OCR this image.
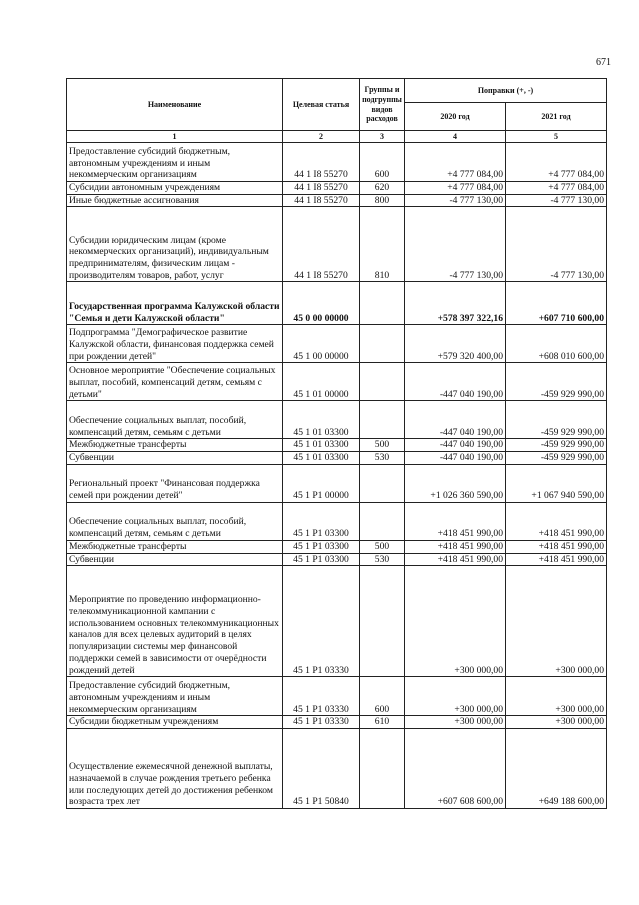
671
Наименование	Целевая статья	Группы и подгруппы видов расходов	Поправки (+, -)	
			2020 год	2021 год
1	2	3	4	5
Предоставление субсидий бюджетным, автономным учреждениям и иным некоммерческим организациям	44 1 I8 55270	600	+4 777 084,00	+4 777 084,00
Субсидии автономным учреждениям	44 1 I8 55270	620	+4 777 084,00	+4 777 084,00
Иные бюджетные ассигнования	44 1 I8 55270	800	-4 777 130,00	-4 777 130,00
Субсидии юридическим лицам (кроме некоммерческих организаций), индивидуальным предпринимателям, физическим лицам - производителям товаров, работ, услуг	44 1 I8 55270	810	-4 777 130,00	-4 777 130,00
Государственная программа Калужской области "Семья и дети Калужской области"	45 0 00 00000		+578 397 322,16	+607 710 600,00
Подпрограмма "Демографическое развитие Калужской области, финансовая поддержка семей при рождении детей"	45 1 00 00000		+579 320 400,00	+608 010 600,00
Основное мероприятие "Обеспечение социальных выплат, пособий, компенсаций детям, семьям с детьми"	45 1 01 00000		-447 040 190,00	-459 929 990,00
Обеспечение социальных выплат, пособий, компенсаций детям, семьям с детьми	45 1 01 03300		-447 040 190,00	-459 929 990,00
Межбюджетные трансферты	45 1 01 03300	500	-447 040 190,00	-459 929 990,00
Субвенции	45 1 01 03300	530	-447 040 190,00	-459 929 990,00
Региональный проект "Финансовая поддержка семей при рождении детей"	45 1 P1 00000		+1 026 360 590,00	+1 067 940 590,00
Обеспечение социальных выплат, пособий, компенсаций детям, семьям с детьми	45 1 P1 03300		+418 451 990,00	+418 451 990,00
Межбюджетные трансферты	45 1 P1 03300	500	+418 451 990,00	+418 451 990,00
Субвенции	45 1 P1 03300	530	+418 451 990,00	+418 451 990,00
Мероприятие по проведению информационно-телекоммуникационной кампании с использованием основных телекоммуникационных каналов для всех целевых аудиторий в целях популяризации системы мер финансовой поддержки семей в зависимости от очерёдности рождений детей	45 1 P1 03330		+300 000,00	+300 000,00
Предоставление субсидий бюджетным, автономным учреждениям и иным некоммерческим организациям	45 1 P1 03330	600	+300 000,00	+300 000,00
Субсидии бюджетным учреждениям	45 1 P1 03330	610	+300 000,00	+300 000,00
Осуществление ежемесячной денежной выплаты, назначаемой в случае рождения третьего ребенка или последующих детей до достижения ребенком возраста трех лет	45 1 P1 50840		+607 608 600,00	+649 188 600,00
